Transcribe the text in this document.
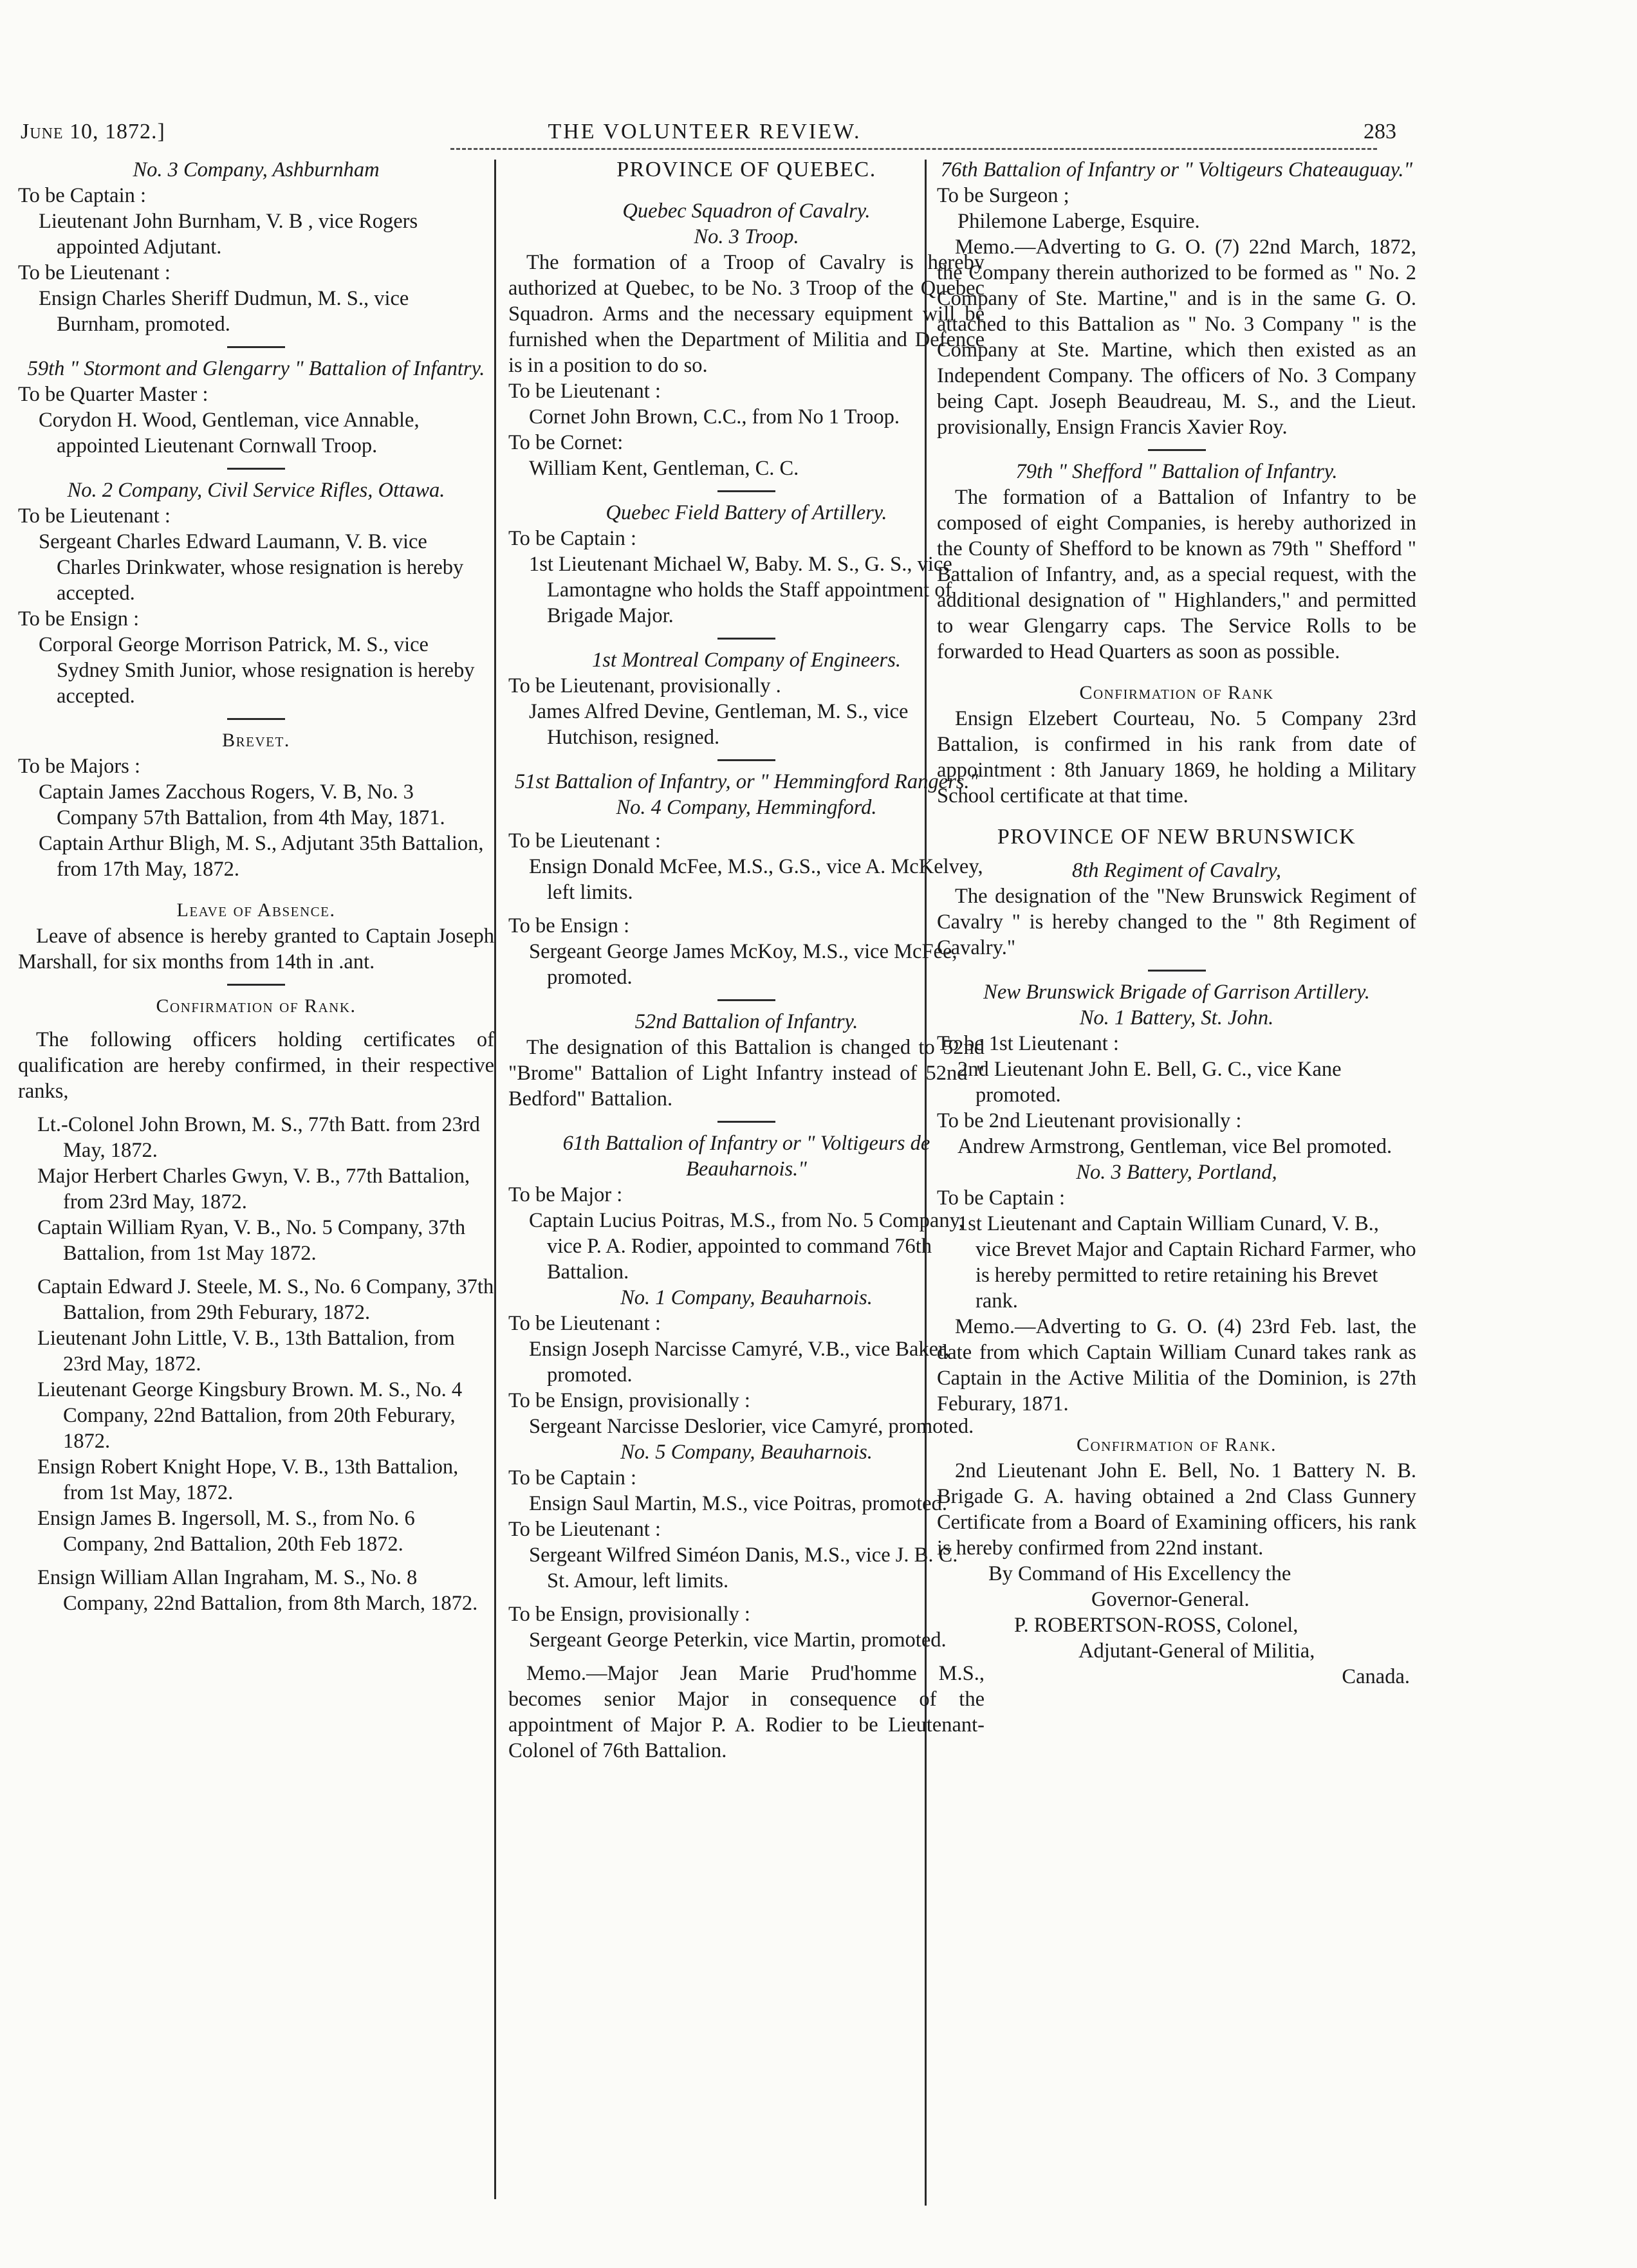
June 10, 1872.]	THE VOLUNTEER REVIEW.	283

No. 3 Company, Ashburnham

To be Captain :

Lieutenant John Burnham, V. B , vice Rogers appointed Adjutant.

To be Lieutenant :

Ensign Charles Sheriff Dudmun, M. S., vice Burnham, promoted.

59th " Stormont and Glengarry " Battalion of Infantry.

To be Quarter Master :

Corydon H. Wood, Gentleman, vice Annable, appointed Lieutenant Cornwall Troop.

No. 2 Company, Civil Service Rifles, Ottawa.

To be Lieutenant :

Sergeant Charles Edward Laumann, V. B. vice Charles Drinkwater, whose resignation is hereby accepted.

To be Ensign :

Corporal George Morrison Patrick, M. S., vice Sydney Smith Junior, whose resignation is hereby accepted.

Brevet.

To be Majors :

Captain James Zacchous Rogers, V. B, No. 3 Company 57th Battalion, from 4th May, 1871.

Captain Arthur Bligh, M. S., Adjutant 35th Battalion, from 17th May, 1872.

Leave of Absence.

Leave of absence is hereby granted to Captain Joseph Marshall, for six months from 14th in .ant.

Confirmation of Rank.

The following officers holding certificates of qualification are hereby confirmed, in their respective ranks,

Lt.-Colonel John Brown, M. S., 77th Batt. from 23rd May, 1872.

Major Herbert Charles Gwyn, V. B., 77th Battalion, from 23rd May, 1872.

Captain William Ryan, V. B., No. 5 Company, 37th Battalion, from 1st May 1872.

Captain Edward J. Steele, M. S., No. 6 Company, 37th Battalion, from 29th Feburary, 1872.

Lieutenant John Little, V. B., 13th Battalion, from 23rd May, 1872.

Lieutenant George Kingsbury Brown. M. S., No. 4 Company, 22nd Battalion, from 20th Feburary, 1872.

Ensign Robert Knight Hope, V. B., 13th Battalion, from 1st May, 1872.

Ensign James B. Ingersoll, M. S., from No. 6 Company, 2nd Battalion, 20th Feb 1872.

Ensign William Allan Ingraham, M. S., No. 8 Company, 22nd Battalion, from 8th March, 1872.

PROVINCE OF QUEBEC.

Quebec Squadron of Cavalry.

No. 3 Troop.

The formation of a Troop of Cavalry is hereby authorized at Quebec, to be No. 3 Troop of the Quebec Squadron. Arms and the necessary equipment will be furnished when the Department of Militia and Defence is in a position to do so.

To be Lieutenant :

Cornet John Brown, C.C., from No 1 Troop.

To be Cornet:

William Kent, Gentleman, C. C.

Quebec Field Battery of Artillery.

To be Captain :

1st Lieutenant Michael W, Baby. M. S., G. S., vice Lamontagne who holds the Staff appointment of Brigade Major.

1st Montreal Company of Engineers.

To be Lieutenant, provisionally .

James Alfred Devine, Gentleman, M. S., vice Hutchison, resigned.

51st Battalion of Infantry, or " Hemmingford Rangers."

No. 4 Company, Hemmingford.

To be Lieutenant :

Ensign Donald McFee, M.S., G.S., vice A. McKelvey, left limits.

To be Ensign :

Sergeant George James McKoy, M.S., vice McFee, promoted.

52nd Battalion of Infantry.

The designation of this Battalion is changed to 52nd "Brome" Battalion of Light Infantry instead of 52nd " Bedford" Battalion.

61th Battalion of Infantry or " Voltigeurs de Beauharnois."

To be Major :

Captain Lucius Poitras, M.S., from No. 5 Company, vice P. A. Rodier, appointed to command 76th Battalion.

No. 1 Company, Beauharnois.

To be Lieutenant :

Ensign Joseph Narcisse Camyré, V.B., vice Baker, promoted.

To be Ensign, provisionally :

Sergeant Narcisse Deslorier, vice Camyré, promoted.

No. 5 Company, Beauharnois.

To be Captain :

Ensign Saul Martin, M.S., vice Poitras, promoted.

To be Lieutenant :

Sergeant Wilfred Siméon Danis, M.S., vice J. B. C. St. Amour, left limits.

To be Ensign, provisionally :

Sergeant George Peterkin, vice Martin, promoted.

Memo.—Major Jean Marie Prud'homme M.S., becomes senior Major in consequence of the appointment of Major P. A. Rodier to be Lieutenant-Colonel of 76th Battalion.

76th Battalion of Infantry or " Voltigeurs Chateauguay."

To be Surgeon ;

Philemone Laberge, Esquire.

Memo.—Adverting to G. O. (7) 22nd March, 1872, the Company therein authorized to be formed as " No. 2 Company of Ste. Martine," and is in the same G. O. attached to this Battalion as " No. 3 Company " is the Company at Ste. Martine, which then existed as an Independent Company. The officers of No. 3 Company being Capt. Joseph Beaudreau, M. S., and the Lieut. provisionally, Ensign Francis Xavier Roy.

79th " Shefford " Battalion of Infantry.

The formation of a Battalion of Infantry to be composed of eight Companies, is hereby authorized in the County of Shefford to be known as 79th " Shefford " Battalion of Infantry, and, as a special request, with the additional designation of " Highlanders," and permitted to wear Glengarry caps. The Service Rolls to be forwarded to Head Quarters as soon as possible.

Confirmation of Rank

Ensign Elzebert Courteau, No. 5 Company 23rd Battalion, is confirmed in his rank from date of appointment : 8th January 1869, he holding a Military School certificate at that time.

PROVINCE OF NEW BRUNSWICK

8th Regiment of Cavalry,

The designation of the "New Brunswick Regiment of Cavalry " is hereby changed to the " 8th Regiment of Cavalry."

New Brunswick Brigade of Garrison Artillery.

No. 1 Battery, St. John.

To be 1st Lieutenant :

2nd Lieutenant John E. Bell, G. C., vice Kane promoted.

To be 2nd Lieutenant provisionally :

Andrew Armstrong, Gentleman, vice Bel promoted.

No. 3 Battery, Portland,

To be Captain :

1st Lieutenant and Captain William Cunard, V. B., vice Brevet Major and Captain Richard Farmer, who is hereby permitted to retire retaining his Brevet rank.

Memo.—Adverting to G. O. (4) 23rd Feb. last, the date from which Captain William Cunard takes rank as Captain in the Active Militia of the Dominion, is 27th Feburary, 1871.

Confirmation of Rank.

2nd Lieutenant John E. Bell, No. 1 Battery N. B. Brigade G. A. having obtained a 2nd Class Gunnery Certificate from a Board of Examining officers, his rank is hereby confirmed from 22nd instant.

By Command of His Excellency the

Governor-General.

P. ROBERTSON-ROSS, Colonel,

Adjutant-General of Militia,

Canada.
